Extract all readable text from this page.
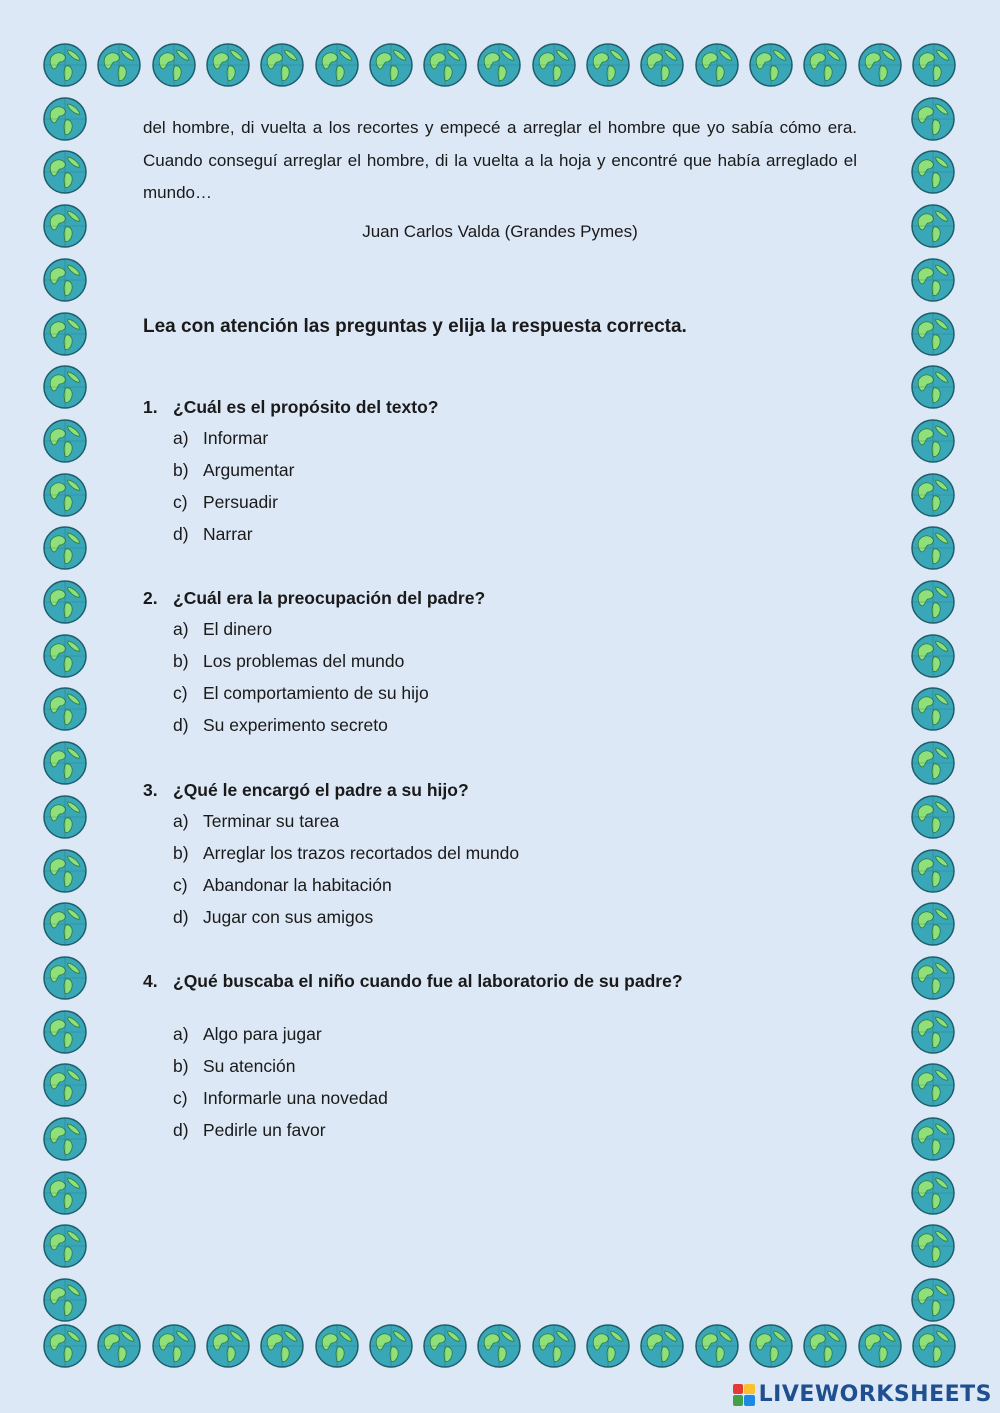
del hombre, di vuelta a los recortes y empecé a arreglar el hombre que yo sabía cómo era. Cuando conseguí arreglar el hombre, di la vuelta a la hoja y encontré que había arreglado el mundo…

Juan Carlos Valda (Grandes Pymes)

Lea con atención las preguntas y elija la respuesta correcta.

1. ¿Cuál es el propósito del texto?
a) Informar
b) Argumentar
c) Persuadir
d) Narrar
2. ¿Cuál era la preocupación del padre?
a) El dinero
b) Los problemas del mundo
c) El comportamiento de su hijo
d) Su experimento secreto
3. ¿Qué le encargó el padre a su hijo?
a) Terminar su tarea
b) Arreglar los trazos recortados del mundo
c) Abandonar la habitación
d) Jugar con sus amigos
4. ¿Qué buscaba el niño cuando fue al laboratorio de su padre?
a) Algo para jugar
b) Su atención
c) Informarle una novedad
d) Pedirle un favor
LIVEWORKSHEETS
